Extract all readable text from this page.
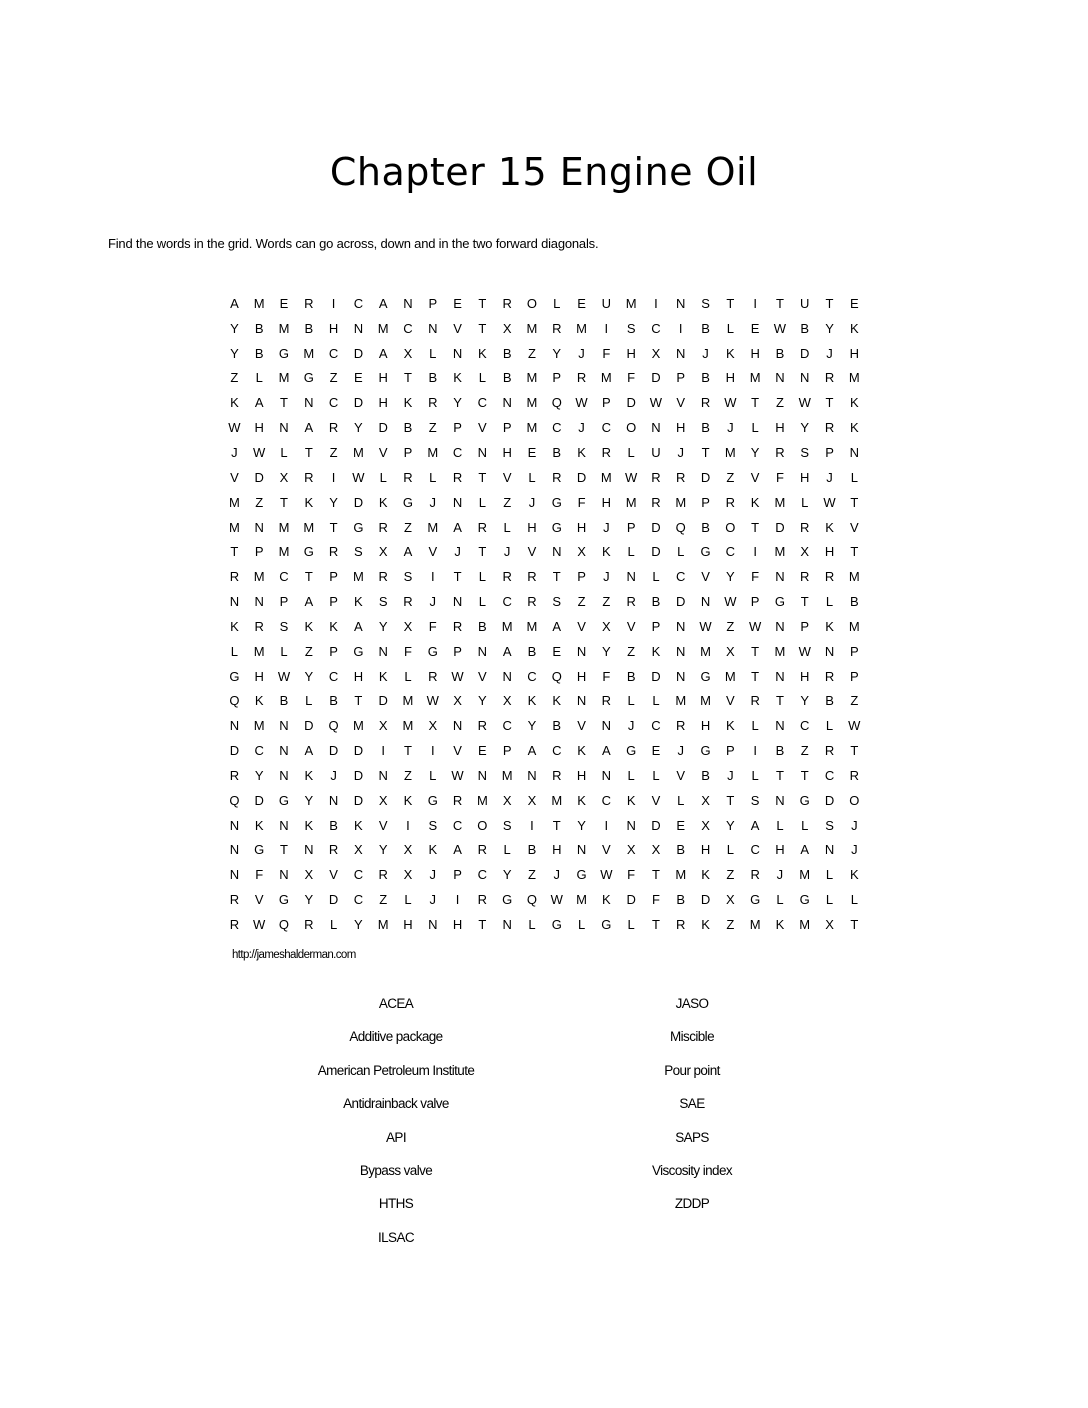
Chapter 15 Engine Oil
Find the words in the grid. Words can go across, down and in the two forward diagonals.
A	M	E	R	I	C	A	N	P	E	T	R	O	L	E	U	M	I	N	S	T	I	T	U	T	E
Y	B	M	B	H	N	M	C	N	V	T	X	M	R	M	I	S	C	I	B	L	E	W	B	Y	K
Y	B	G	M	C	D	A	X	L	N	K	B	Z	Y	J	F	H	X	N	J	K	H	B	D	J	H
Z	L	M	G	Z	E	H	T	B	K	L	B	M	P	R	M	F	D	P	B	H	M	N	N	R	M
K	A	T	N	C	D	H	K	R	Y	C	N	M	Q	W	P	D	W	V	R	W	T	Z	W	T	K
W	H	N	A	R	Y	D	B	Z	P	V	P	M	C	J	C	O	N	H	B	J	L	H	Y	R	K
J	W	L	T	Z	M	V	P	M	C	N	H	E	B	K	R	L	U	J	T	M	Y	R	S	P	N
V	D	X	R	I	W	L	R	L	R	T	V	L	R	D	M	W	R	R	D	Z	V	F	H	J	L
M	Z	T	K	Y	D	K	G	J	N	L	Z	J	G	F	H	M	R	M	P	R	K	M	L	W	T
M	N	M	M	T	G	R	Z	M	A	R	L	H	G	H	J	P	D	Q	B	O	T	D	R	K	V
T	P	M	G	R	S	X	A	V	J	T	J	V	N	X	K	L	D	L	G	C	I	M	X	H	T
R	M	C	T	P	M	R	S	I	T	L	R	R	T	P	J	N	L	C	V	Y	F	N	R	R	M
N	N	P	A	P	K	S	R	J	N	L	C	R	S	Z	Z	R	B	D	N	W	P	G	T	L	B
K	R	S	K	K	A	Y	X	F	R	B	M	M	A	V	X	V	P	N	W	Z	W	N	P	K	M
L	M	L	Z	P	G	N	F	G	P	N	A	B	E	N	Y	Z	K	N	M	X	T	M	W	N	P
G	H	W	Y	C	H	K	L	R	W	V	N	C	Q	H	F	B	D	N	G	M	T	N	H	R	P
Q	K	B	L	B	T	D	M	W	X	Y	X	K	K	N	R	L	L	M	M	V	R	T	Y	B	Z
N	M	N	D	Q	M	X	M	X	N	R	C	Y	B	V	N	J	C	R	H	K	L	N	C	L	W
D	C	N	A	D	D	I	T	I	V	E	P	A	C	K	A	G	E	J	G	P	I	B	Z	R	T
R	Y	N	K	J	D	N	Z	L	W	N	M	N	R	H	N	L	L	V	B	J	L	T	T	C	R
Q	D	G	Y	N	D	X	K	G	R	M	X	X	M	K	C	K	V	L	X	T	S	N	G	D	O
N	K	N	K	B	K	V	I	S	C	O	S	I	T	Y	I	N	D	E	X	Y	A	L	L	S	J
N	G	T	N	R	X	Y	X	K	A	R	L	B	H	N	V	X	X	B	H	L	C	H	A	N	J
N	F	N	X	V	C	R	X	J	P	C	Y	Z	J	G	W	F	T	M	K	Z	R	J	M	L	K
R	V	G	Y	D	C	Z	L	J	I	R	G	Q	W	M	K	D	F	B	D	X	G	L	G	L	L
R	W	Q	R	L	Y	M	H	N	H	T	N	L	G	L	G	L	T	R	K	Z	M	K	M	X	T
http://jameshalderman.com
ACEA
Additive package
American Petroleum Institute
Antidrainback valve
API
Bypass valve
HTHS
ILSAC
JASO
Miscible
Pour point
SAE
SAPS
Viscosity index
ZDDP
